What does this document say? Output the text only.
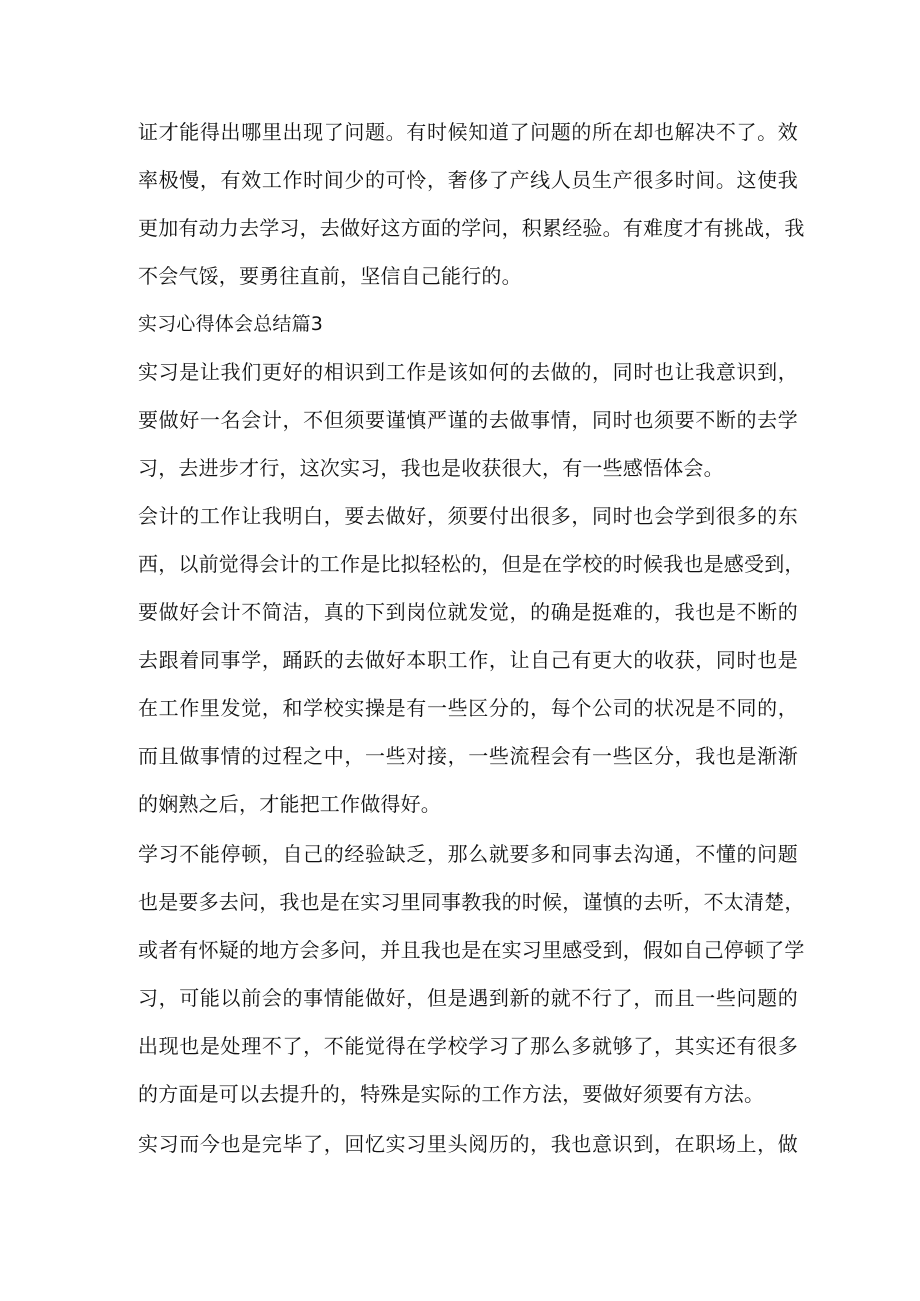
证才能得出哪里出现了问题。有时候知道了问题的所在却也解决不了。效
率极慢，有效工作时间少的可怜，奢侈了产线人员生产很多时间。这使我
更加有动力去学习，去做好这方面的学问，积累经验。有难度才有挑战，我
不会气馁，要勇往直前，坚信自己能行的。
实习心得体会总结篇3
实习是让我们更好的相识到工作是该如何的去做的，同时也让我意识到，
要做好一名会计，不但须要谨慎严谨的去做事情，同时也须要不断的去学
习，去进步才行，这次实习，我也是收获很大，有一些感悟体会。
会计的工作让我明白，要去做好，须要付出很多，同时也会学到很多的东
西，以前觉得会计的工作是比拟轻松的，但是在学校的时候我也是感受到，
要做好会计不简洁，真的下到岗位就发觉，的确是挺难的，我也是不断的
去跟着同事学，踊跃的去做好本职工作，让自己有更大的收获，同时也是
在工作里发觉，和学校实操是有一些区分的，每个公司的状况是不同的，
而且做事情的过程之中，一些对接，一些流程会有一些区分，我也是渐渐
的娴熟之后，才能把工作做得好。
学习不能停顿，自己的经验缺乏，那么就要多和同事去沟通，不懂的问题
也是要多去问，我也是在实习里同事教我的时候，谨慎的去听，不太清楚，
或者有怀疑的地方会多问，并且我也是在实习里感受到，假如自己停顿了学
习，可能以前会的事情能做好，但是遇到新的就不行了，而且一些问题的
出现也是处理不了，不能觉得在学校学习了那么多就够了，其实还有很多
的方面是可以去提升的，特殊是实际的工作方法，要做好须要有方法。
实习而今也是完毕了，回忆实习里头阅历的，我也意识到，在职场上，做
